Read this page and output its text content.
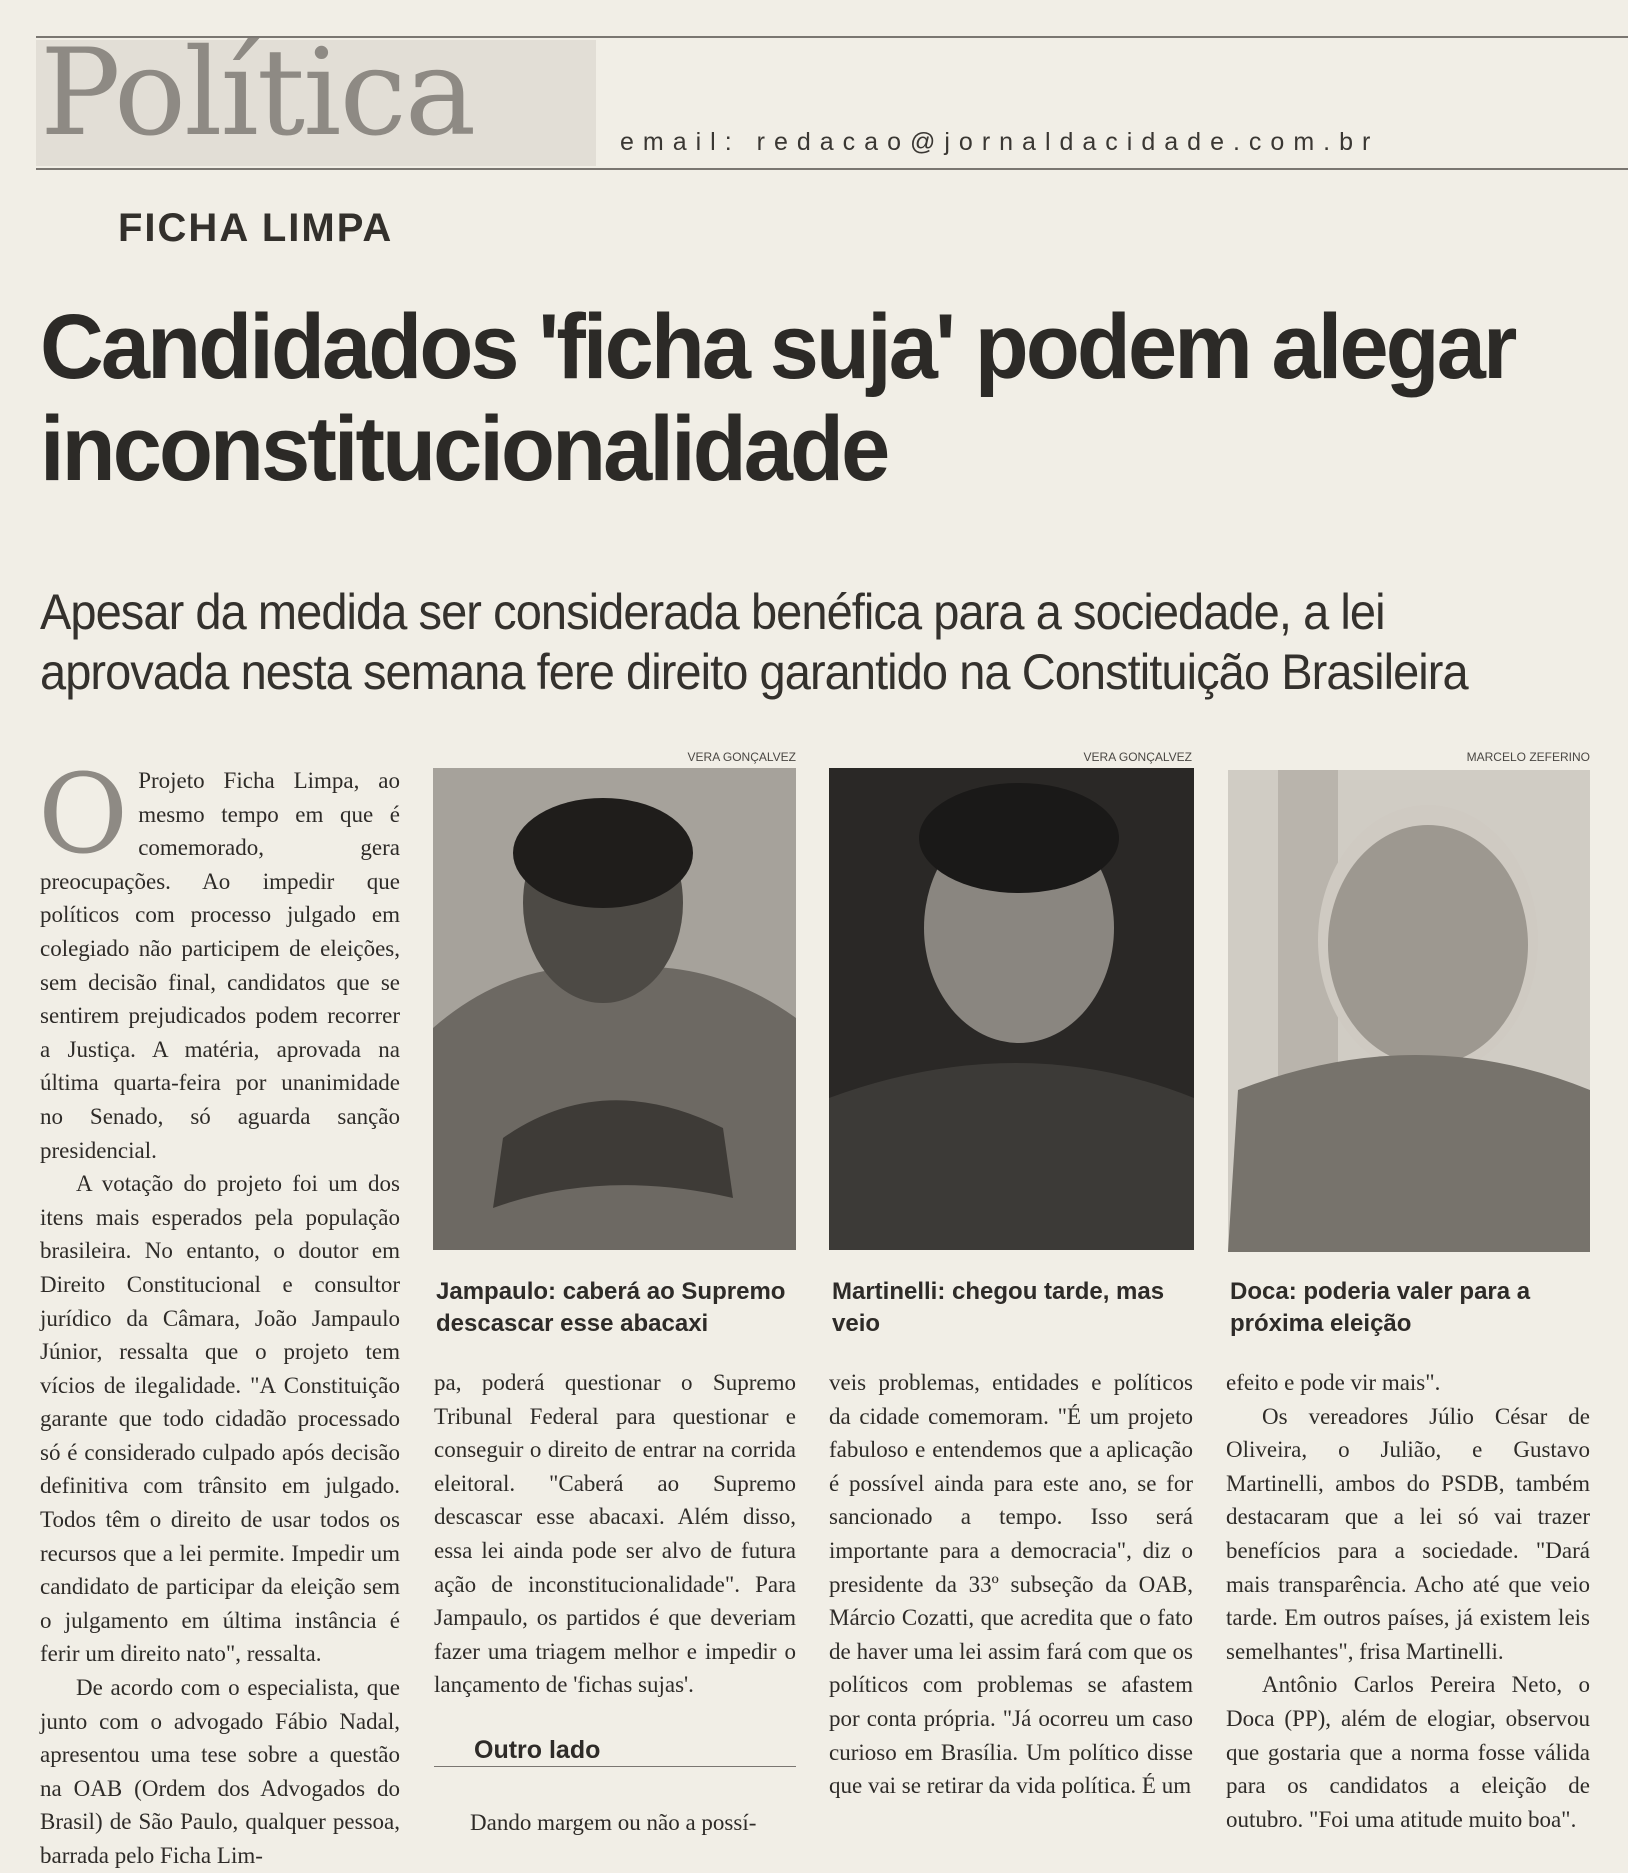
Política	email: redacao@jornaldacidade.com.br
FICHA LIMPA
Candidados 'ficha suja' podem alegar inconstitucionalidade
Apesar da medida ser considerada benéfica para a sociedade, a lei aprovada nesta semana fere direito garantido na Constituição Brasileira

O Projeto Ficha Limpa, ao mesmo tempo em que é comemorado, gera preocupações. Ao impedir que políticos com processo julgado em colegiado não participem de eleições, sem decisão final, candidatos que se sentirem prejudicados podem recorrer a Justiça. A matéria, aprovada na última quarta-feira por unanimidade no Senado, só aguarda sanção presidencial.

A votação do projeto foi um dos itens mais esperados pela população brasileira. No entanto, o doutor em Direito Constitucional e consultor jurídico da Câmara, João Jampaulo Júnior, ressalta que o projeto tem vícios de ilegalidade. "A Constituição garante que todo cidadão processado só é considerado culpado após decisão definitiva com trânsito em julgado. Todos têm o direito de usar todos os recursos que a lei permite. Impedir um candidato de participar da eleição sem o julgamento em última instância é ferir um direito nato", ressalta.

De acordo com o especialista, que junto com o advogado Fábio Nadal, apresentou uma tese sobre a questão na OAB (Ordem dos Advogados do Brasil) de São Paulo, qualquer pessoa, barrada pelo Ficha Lim-

VERA GONÇALVEZ
Jampaulo: caberá ao Supremo descascar esse abacaxi
VERA GONÇALVEZ
Martinelli: chegou tarde, mas veio
MARCELO ZEFERINO
Doca: poderia valer para a próxima eleição

pa, poderá questionar o Supremo Tribunal Federal para questionar e conseguir o direito de entrar na corrida eleitoral. "Caberá ao Supremo descascar esse abacaxi. Além disso, essa lei ainda pode ser alvo de futura ação de inconstitucionalidade". Para Jampaulo, os partidos é que deveriam fazer uma triagem melhor e impedir o lançamento de 'fichas sujas'.

Outro lado

Dando margem ou não a possí-

veis problemas, entidades e políticos da cidade comemoram. "É um projeto fabuloso e entendemos que a aplicação é possível ainda para este ano, se for sancionado a tempo. Isso será importante para a democracia", diz o presidente da 33º subseção da OAB, Márcio Cozatti, que acredita que o fato de haver uma lei assim fará com que os políticos com problemas se afastem por conta própria. "Já ocorreu um caso curioso em Brasília. Um político disse que vai se retirar da vida política. É um

efeito e pode vir mais".

Os vereadores Júlio César de Oliveira, o Julião, e Gustavo Martinelli, ambos do PSDB, também destacaram que a lei só vai trazer benefícios para a sociedade. "Dará mais transparência. Acho até que veio tarde. Em outros países, já existem leis semelhantes", frisa Martinelli.

Antônio Carlos Pereira Neto, o Doca (PP), além de elogiar, observou que gostaria que a norma fosse válida para os candidatos a eleição de outubro. "Foi uma atitude muito boa".
